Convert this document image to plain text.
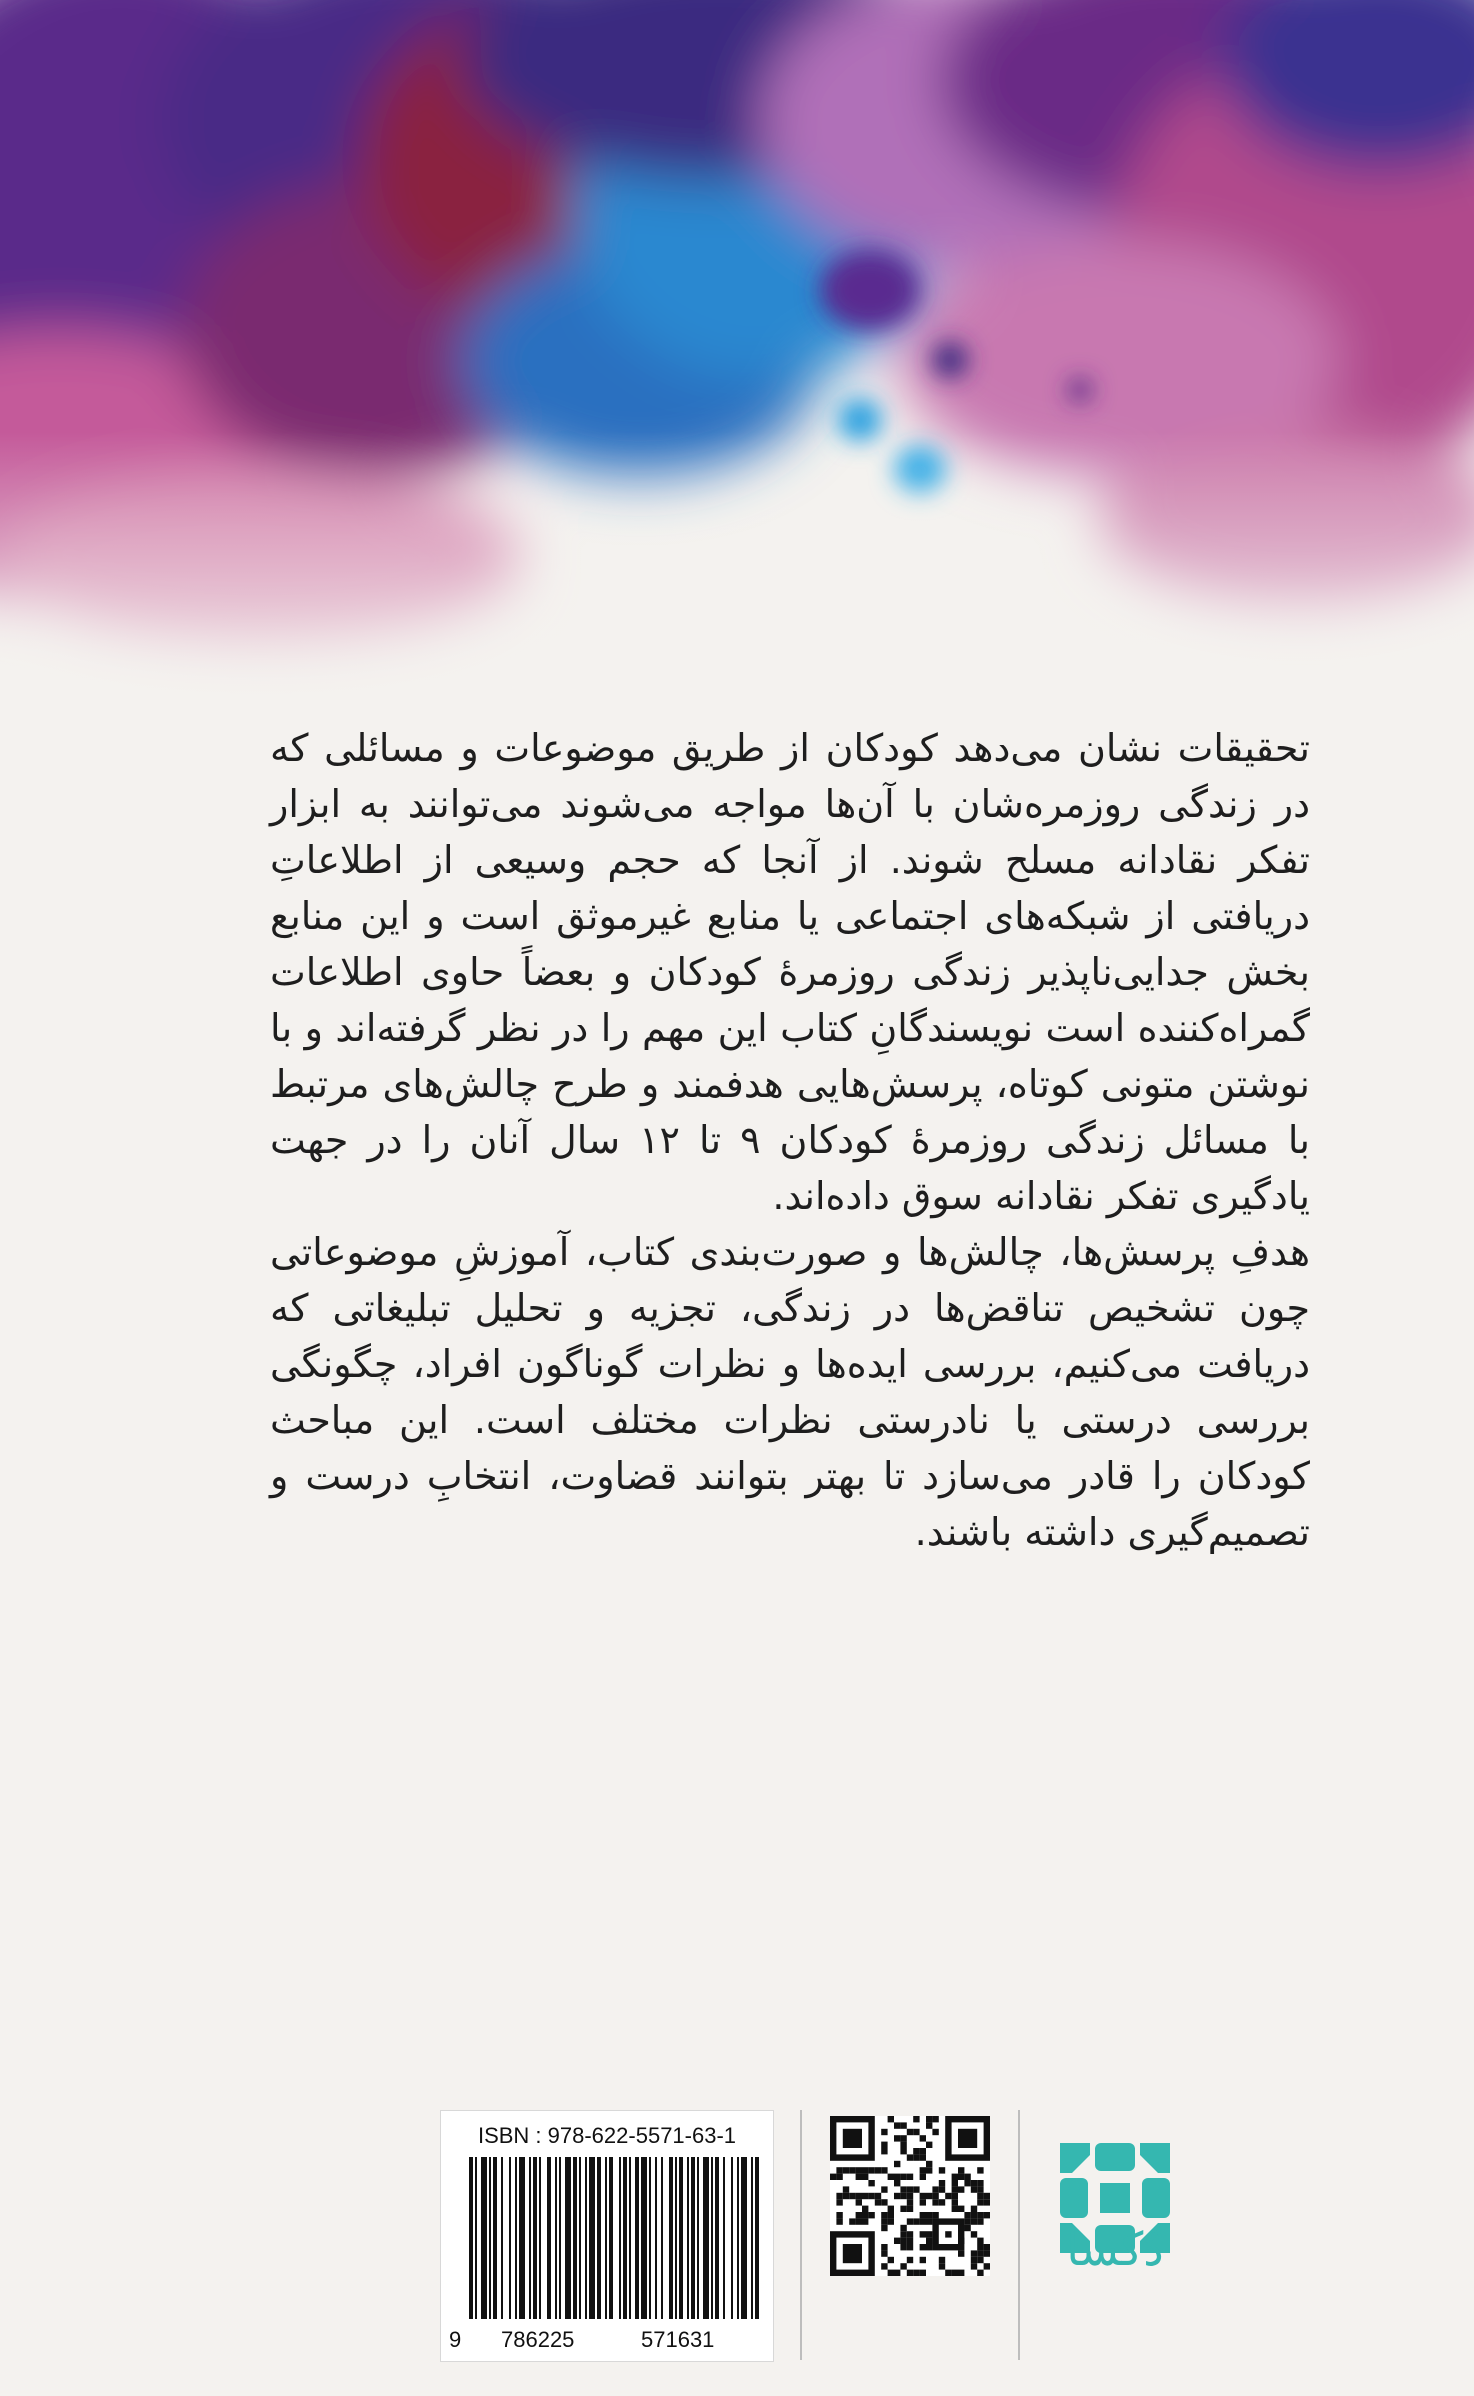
تحقیقات نشان می‌دهد کودکان از طریق موضوعات و مسائلی که در زندگی روزمره‌شان با آن‌ها مواجه می‌شوند می‌توانند به ابزار تفکر نقادانه مسلح شوند. از آنجا که حجم وسیعی از اطلاعاتِ دریافتی از شبکه‌های اجتماعی یا منابع غیرموثق است و این منابع بخش جدایی‌ناپذیر زندگی روزمرهٔ کودکان و بعضاً حاوی اطلاعات گمراه‌کننده است نویسندگانِ کتاب این مهم را در نظر گرفته‌اند و با نوشتن متونی کوتاه، پرسش‌هایی هدفمند و طرح چالش‌های مرتبط با مسائل زندگی روزمرهٔ کودکان ۹ تا ۱۲ سال آنان را در جهت یادگیری تفکر نقادانه سوق داده‌اند.

هدفِ پرسش‌ها، چالش‌ها و صورت‌بندی کتاب، آموزشِ موضوعاتی چون تشخیص تناقض‌ها در زندگی، تجزیه و تحلیل تبلیغاتی که دریافت می‌کنیم، بررسی ایده‌ها و نظرات گوناگون افراد، چگونگی بررسی درستی یا نادرستی نظرات مختلف است. این مباحث کودکان را قادر می‌سازد تا بهتر بتوانند قضاوت، انتخابِ درست و تصمیم‌گیری داشته باشند.

ISBN : 978-622-5571-63-1
9 786225	571631
دُکسا
